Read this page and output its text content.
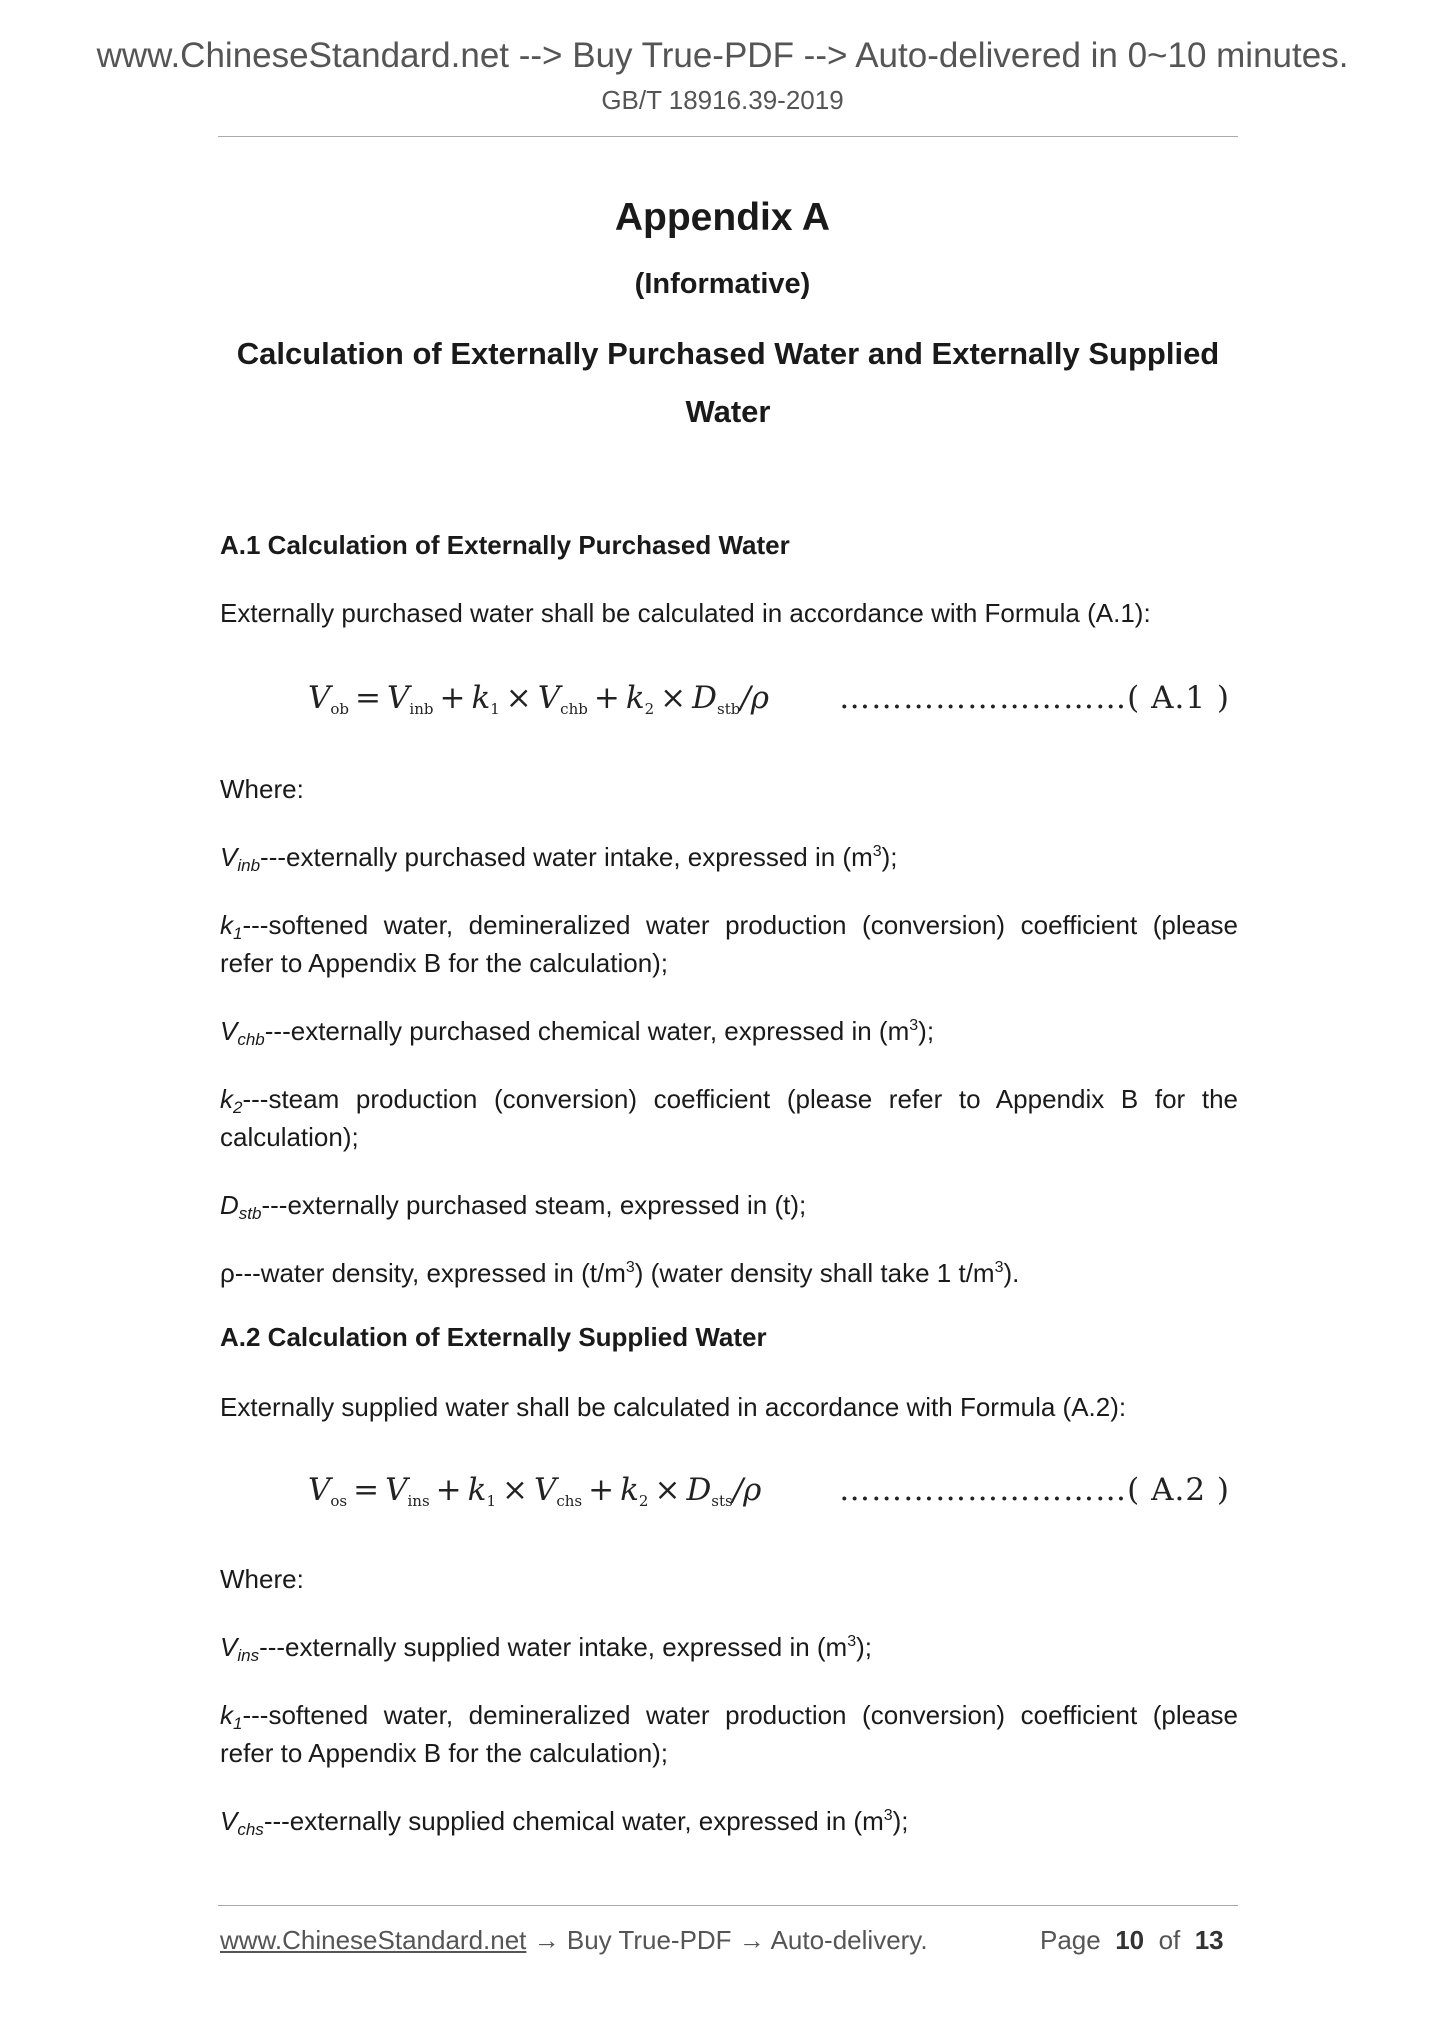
www.ChineseStandard.net --> Buy True-PDF --> Auto-delivered in 0~10 minutes.
GB/T 18916.39-2019
Appendix A
(Informative)
Calculation of Externally Purchased Water and Externally Supplied Water
A.1 Calculation of Externally Purchased Water
Externally purchased water shall be calculated in accordance with Formula (A.1):
$V_{ob} = V_{inb} + k_1 \times V_{chb} + k_2 \times D_{stb}/\rho$ ………………………( A.1 )
Where:
$V_{inb}--$-externally purchased water intake, expressed in $(m^3)$;
$k_1--$-softened water, demineralized water production (conversion) coefficient (please refer to Appendix B for the calculation);
$V_{chb}--$-externally purchased chemical water, expressed in $(m^3)$;
$k_2--$-steam production (conversion) coefficient (please refer to Appendix B for the calculation);
$D_{stb}--$-externally purchased steam, expressed in (t);
ρ---water density, expressed in $(t/m^3)$ (water density shall take 1 $t/m^3$).
A.2 Calculation of Externally Supplied Water
Externally supplied water shall be calculated in accordance with Formula (A.2):
$V_{os} = V_{ins} + k_1 \times V_{chs} + k_2 \times D_{sts}/\rho$	………………………( A.2 )
Where:
$V_{ins}--$-externally supplied water intake, expressed in $(m^3)$;
$k_1--$-softened water, demineralized water production (conversion) coefficient (please refer to Appendix B for the calculation);
$V_{chs}--$-externally supplied chemical water, expressed in $(m^3)$;
www.ChineseStandard.net → Buy True-PDF → Auto-delivery.	Page 10 of 13
